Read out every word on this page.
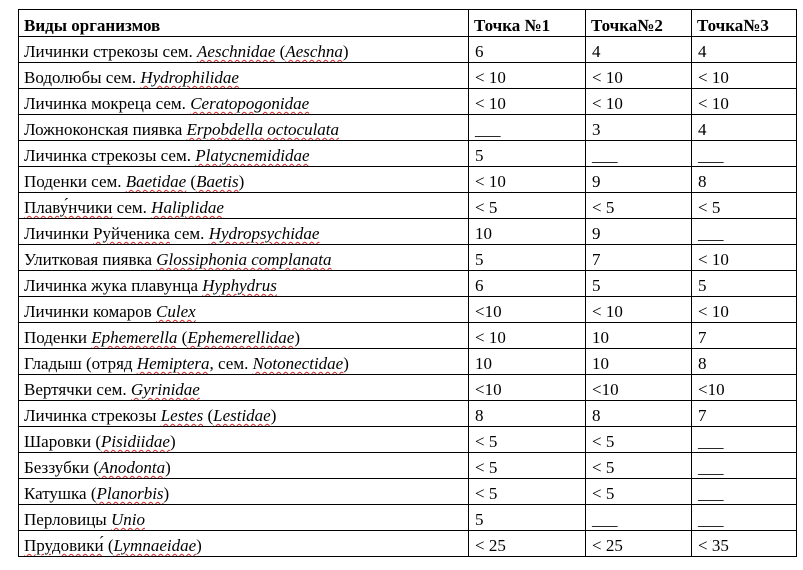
Виды организмов	Точка №1	Точка№2	Точка№3
Личинки стрекозы сем. Aeschnidae (Aeschna)	6	4	4
Водолюбы сем. Hydrophilidae	< 10	< 10	< 10
Личинка мокреца сем. Ceratopogonidae	< 10	< 10	< 10
Ложноконская пиявка Erpobdella octoculata	___	3	4
Личинка стрекозы сем. Platycnemididae	5	___	___
Поденки сем. Baetidae (Baetis)	< 10	9	8
Плаву́нчики сем. Haliplidae	< 5	< 5	< 5
Личинки Руйченика сем. Hydropsychidae	10	9	___
Улитковая пиявка Glossiphonia complanata	5	7	< 10
Личинка жука плавунца Hyphydrus	6	5	5
Личинки комаров Culex	<10	< 10	< 10
Поденки Ephemerella (Ephemerellidae)	< 10	10	7
Гладыш (отряд Hemiptera, сем. Notonectidae)	10	10	8
Вертячки сем. Gyrinidae	<10	<10	<10
Личинка стрекозы Lestes (Lestidae)	8	8	7
Шаровки (Pisidiidae)	< 5	< 5	___
Беззубки (Anodonta)	< 5	< 5	___
Катушка (Planorbis)	< 5	< 5	___
Перловицы Unio	5	___	___
Прудовики́ (Lymnaeidae)	< 25	< 25	< 35
